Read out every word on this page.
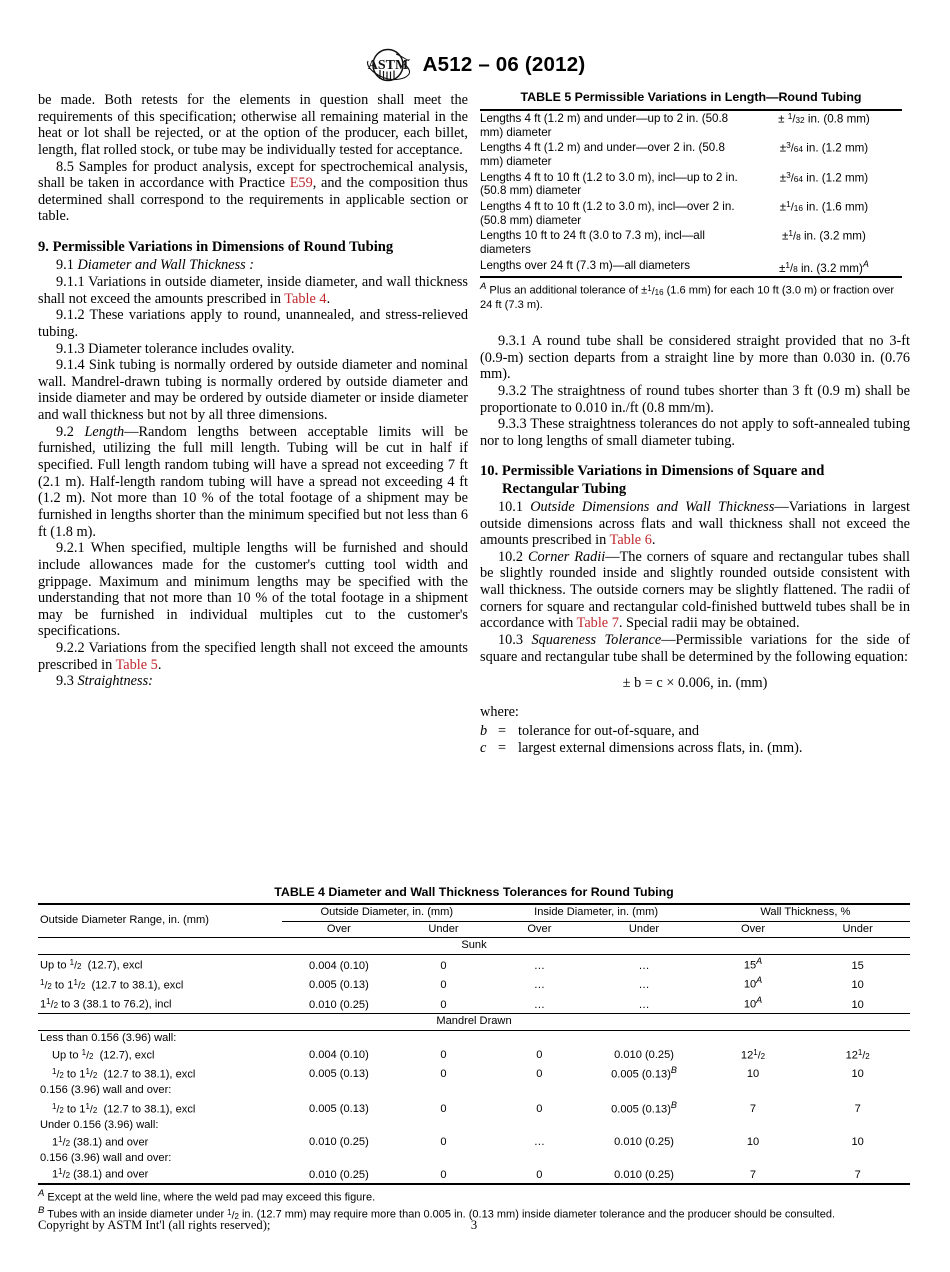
ASTM A512 – 06 (2012)

be made. Both retests for the elements in question shall meet the requirements of this specification; otherwise all remaining material in the heat or lot shall be rejected, or at the option of the producer, each billet, length, flat rolled stock, or tube may be individually tested for acceptance.

8.5 Samples for product analysis, except for spectrochemical analysis, shall be taken in accordance with Practice E59, and the composition thus determined shall correspond to the requirements in applicable section or table.

9. Permissible Variations in Dimensions of Round Tubing

9.1 Diameter and Wall Thickness :

9.1.1 Variations in outside diameter, inside diameter, and wall thickness shall not exceed the amounts prescribed in Table 4.

9.1.2 These variations apply to round, unannealed, and stress-relieved tubing.

9.1.3 Diameter tolerance includes ovality.

9.1.4 Sink tubing is normally ordered by outside diameter and nominal wall. Mandrel-drawn tubing is normally ordered by outside diameter and inside diameter and may be ordered by outside diameter or inside diameter and wall thickness but not by all three dimensions.

9.2 Length—Random lengths between acceptable limits will be furnished, utilizing the full mill length. Tubing will be cut in half if specified. Full length random tubing will have a spread not exceeding 7 ft (2.1 m). Half-length random tubing will have a spread not exceeding 4 ft (1.2 m). Not more than 10 % of the total footage of a shipment may be furnished in lengths shorter than the minimum specified but not less than 6 ft (1.8 m).

9.2.1 When specified, multiple lengths will be furnished and should include allowances made for the customer's cutting tool width and grippage. Maximum and minimum lengths may be specified with the understanding that not more than 10 % of the total footage in a shipment may be furnished in individual multiples cut to the customer's specifications.

9.2.2 Variations from the specified length shall not exceed the amounts prescribed in Table 5.

9.3 Straightness:

TABLE 5 Permissible Variations in Length—Round Tubing
Lengths 4 ft (1.2 m) and under—up to 2 in. (50.8 mm) diameter	± $^1$/32 in. (0.8 mm)
Lengths 4 ft (1.2 m) and under—over 2 in. (50.8 mm) diameter	±$^3$/64 in. (1.2 mm)
Lengths 4 ft to 10 ft (1.2 to 3.0 m), incl—up to 2 in. (50.8 mm) diameter	±$^3$/64 in. (1.2 mm)
Lengths 4 ft to 10 ft (1.2 to 3.0 m), incl—over 2 in. (50.8 mm) diameter	±$^1$/16 in. (1.6 mm)
Lengths 10 ft to 24 ft (3.0 to 7.3 m), incl—all diameters	±$^1$/8 in. (3.2 mm)
Lengths over 24 ft (7.3 m)—all diameters	±$^1$/8 in. (3.2 mm)$^A$
A Plus an additional tolerance of ±$^1$/16 (1.6 mm) for each 10 ft (3.0 m) or fraction over 24 ft (7.3 m).

9.3.1 A round tube shall be considered straight provided that no 3-ft (0.9-m) section departs from a straight line by more than 0.030 in. (0.76 mm).

9.3.2 The straightness of round tubes shorter than 3 ft (0.9 m) shall be proportionate to 0.010 in./ft (0.8 mm/m).

9.3.3 These straightness tolerances do not apply to soft-annealed tubing nor to long lengths of small diameter tubing.

10. Permissible Variations in Dimensions of Square and
Rectangular Tubing

10.1 Outside Dimensions and Wall Thickness—Variations in largest outside dimensions across flats and wall thickness shall not exceed the amounts prescribed in Table 6.

10.2 Corner Radii—The corners of square and rectangular tubes shall be slightly rounded inside and slightly rounded outside consistent with wall thickness. The outside corners may be slightly flattened. The radii of corners for square and rectangular cold-finished buttweld tubes shall be in accordance with Table 7. Special radii may be obtained.

10.3 Squareness Tolerance—Permissible variations for the side of square and rectangular tube shall be determined by the following equation:

± b = c × 0.006, in. (mm)

where:

b = tolerance for out-of-square, and
c = largest external dimensions across flats, in. (mm).
TABLE 4 Diameter and Wall Thickness Tolerances for Round Tubing
Outside Diameter Range, in. (mm)	Outside Diameter, in. (mm)		Inside Diameter, in. (mm)		Wall Thickness, %	
	Over	Under	Over	Under	Over	Under
Sunk						
Up to $^1$/2  (12.7), excl	0.004 (0.10)	0	…	…	15$^A$	15
$^1$/2 to $1^1/2$  (12.7 to 38.1), excl	0.005 (0.13)	0	…	…	10$^A$	10
$1^1/2$ to 3 (38.1 to 76.2), incl	0.010 (0.25)	0	…	…	10$^A$	10
Mandrel Drawn						
Less than 0.156 (3.96) wall:						
Up to $^1$/2  (12.7), excl	0.004 (0.10)	0	0	0.010 (0.25)	$12^1/2$	$12^1/2$
$^1$/2 to $1^1/2$  (12.7 to 38.1), excl	0.005 (0.13)	0	0	0.005 (0.13)$^B$	10	10
0.156 (3.96) wall and over:						
$^1$/2 to $1^1/2$  (12.7 to 38.1), excl	0.005 (0.13)	0	0	0.005 (0.13)$^B$	7	7
Under 0.156 (3.96) wall:						
$1^1/2$ (38.1) and over	0.010 (0.25)	0	…	0.010 (0.25)	10	10
0.156 (3.96) wall and over:						
$1^1/2$ (38.1) and over	0.010 (0.25)	0	0	0.010 (0.25)	7	7
A Except at the weld line, where the weld pad may exceed this figure.
B Tubes with an inside diameter under $^1$/2 in. (12.7 mm) may require more than 0.005 in. (0.13 mm) inside diameter tolerance and the producer should be consulted.
Copyright by ASTM Int'l (all rights reserved);	3
